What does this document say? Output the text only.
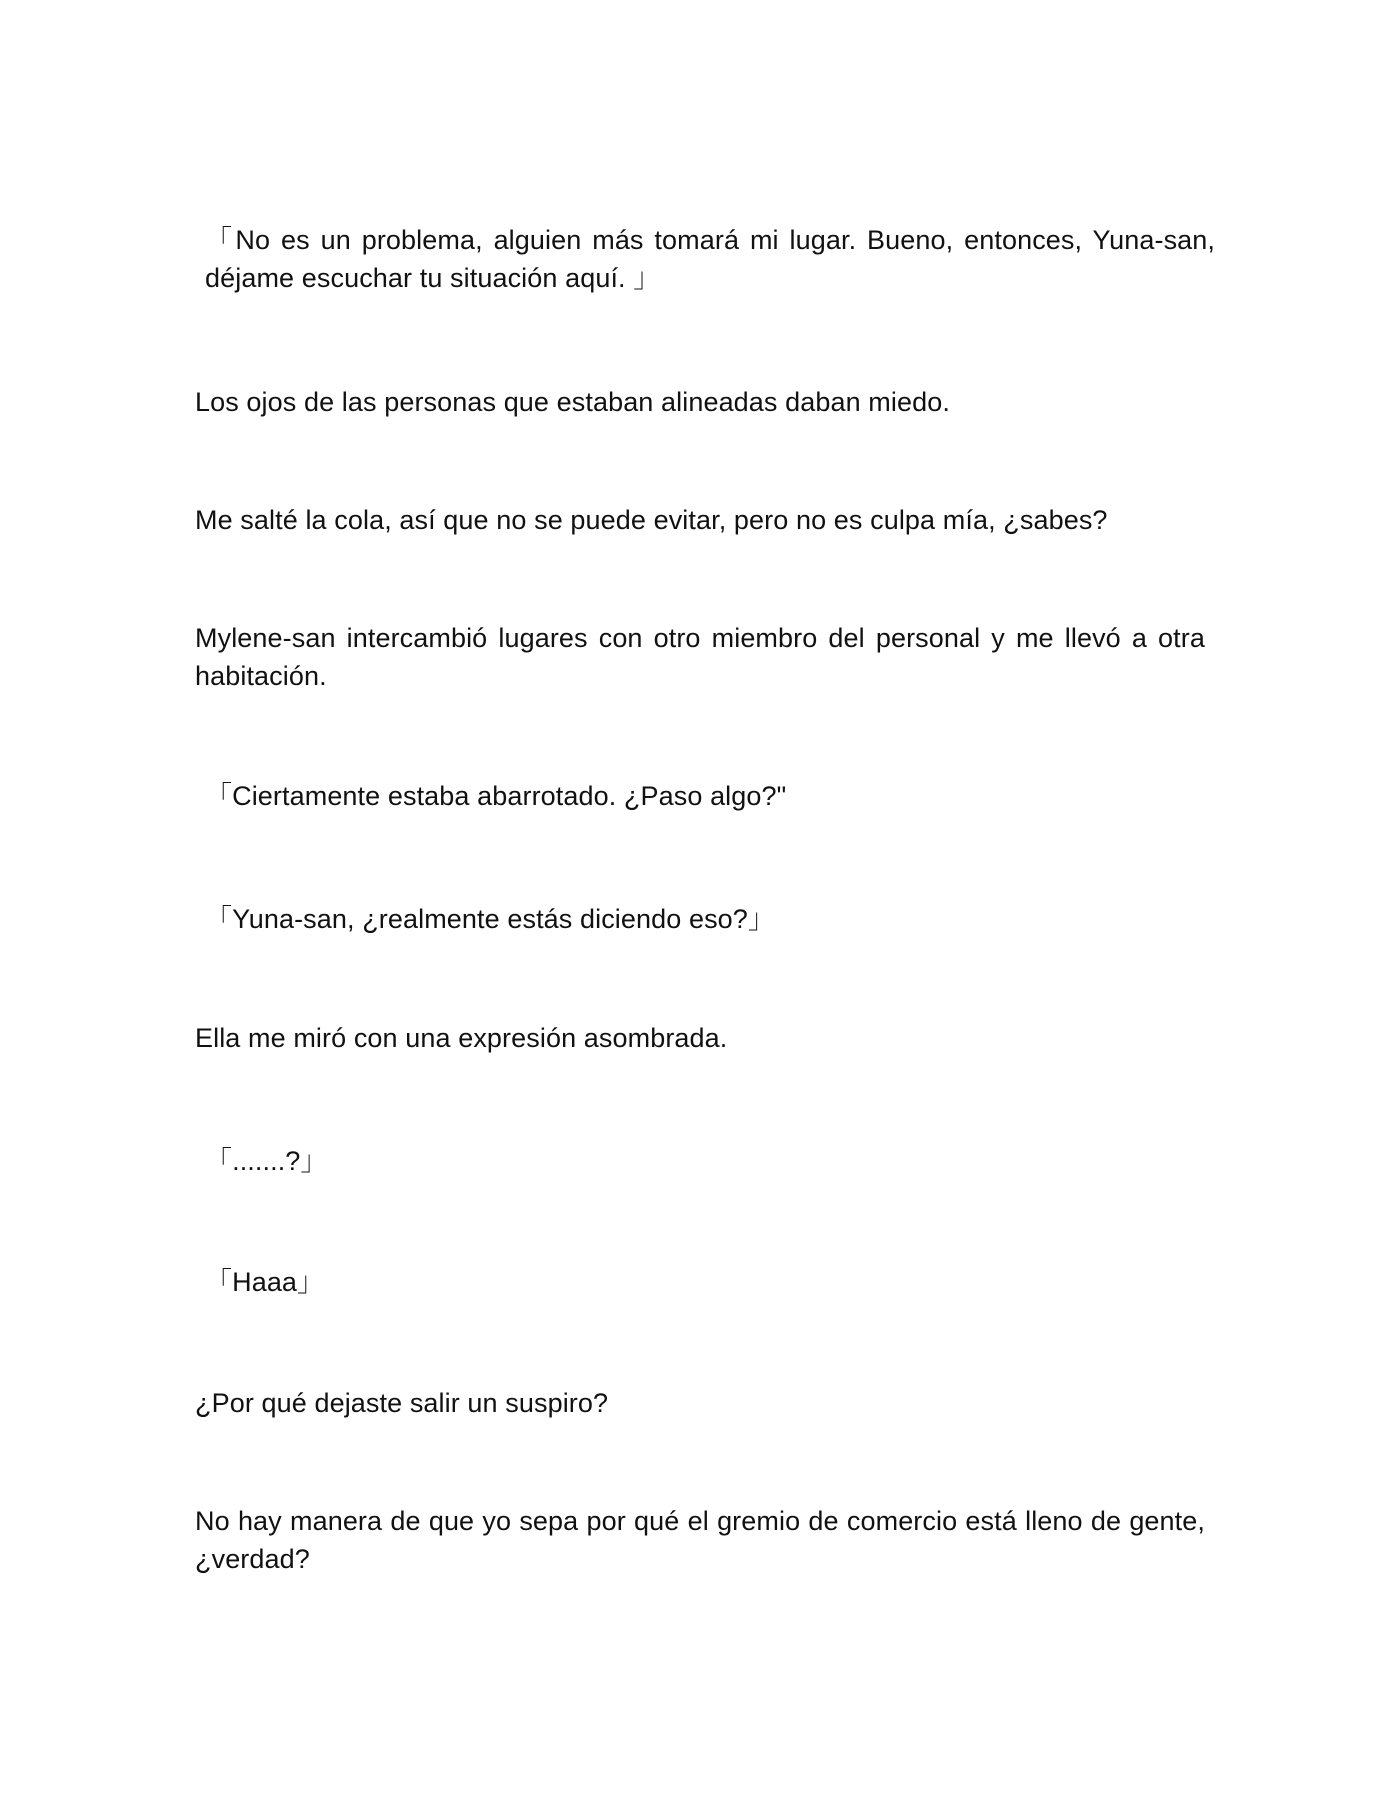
「No es un problema, alguien más tomará mi lugar. Bueno, entonces, Yuna-san, déjame escuchar tu situación aquí. 」

Los ojos de las personas que estaban alineadas daban miedo.

Me salté la cola, así que no se puede evitar, pero no es culpa mía, ¿sabes?

Mylene-san intercambió lugares con otro miembro del personal y me llevó a otra habitación.

「Ciertamente estaba abarrotado. ¿Paso algo?"

「Yuna-san, ¿realmente estás diciendo eso?」

Ella me miró con una expresión asombrada.

「.......?」

「Haaa」

¿Por qué dejaste salir un suspiro?

No hay manera de que yo sepa por qué el gremio de comercio está lleno de gente, ¿verdad?
